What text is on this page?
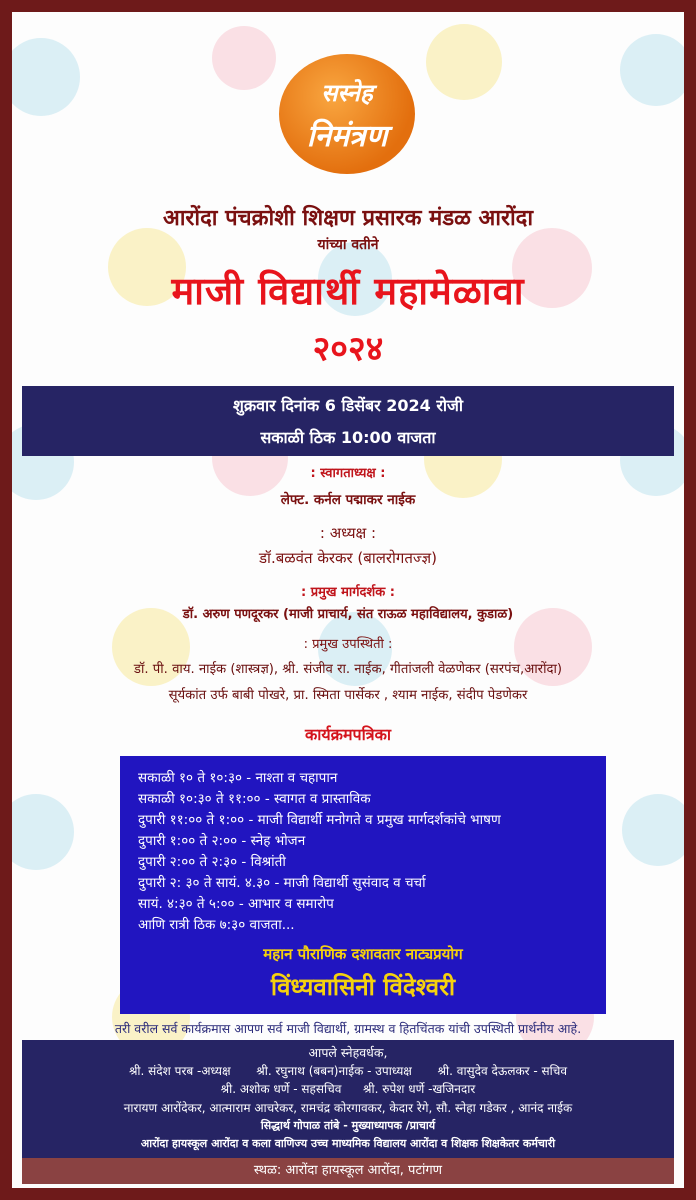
सस्नेह
निमंत्रण
आरोंदा पंचक्रोशी शिक्षण प्रसारक मंडळ आरोंदा
यांच्या वतीने
माजी विद्यार्थी महामेळावा
२०२४
शुक्रवार दिनांक 6 डिसेंबर 2024 रोजी
सकाळी ठिक 10:00 वाजता
: स्वागताध्यक्ष :
लेफ्ट. कर्नल पद्माकर नाईक
: अध्यक्ष :
डॉ.बळवंत केरकर (बालरोगतज्ज्ञ)
: प्रमुख मार्गदर्शक :
डॉ. अरुण पणदूरकर (माजी प्राचार्य, संत राऊळ महाविद्यालय, कुडाळ)
: प्रमुख उपस्थिती :
डॉ. पी. वाय. नाईक (शास्त्रज्ञ), श्री. संजीव रा. नाईक, गीतांजली वेळणेकर (सरपंच,आरोंदा)
सूर्यकांत उर्फ बाबी पोखरे, प्रा. स्मिता पार्सेकर , श्याम नाईक, संदीप पेडणेकर
कार्यक्रमपत्रिका
सकाळी १० ते १०:३० - नाश्ता व चहापान
सकाळी १०:३० ते ११:०० - स्वागत व प्रास्ताविक
दुपारी ११:०० ते १:०० - माजी विद्यार्थी मनोगते व प्रमुख मार्गदर्शकांचे भाषण
दुपारी १:०० ते २:०० - स्नेह भोजन
दुपारी २:०० ते २:३० - विश्रांती
दुपारी २: ३० ते सायं. ४.३० - माजी विद्यार्थी सुसंवाद व चर्चा
सायं. ४:३० ते ५:०० - आभार व समारोप
आणि रात्री ठिक ७:३० वाजता...
महान पौराणिक दशावतार नाट्यप्रयोग
विंध्यवासिनी विंदेश्वरी
तरी वरील सर्व कार्यक्रमास आपण सर्व माजी विद्यार्थी, ग्रामस्थ व हितचिंतक यांची उपस्थिती प्रार्थनीय आहे.
आपले स्नेहवर्धक,
श्री. संदेश परब -अध्यक्ष श्री. रघुनाथ (बबन)नाईक - उपाध्यक्ष श्री. वासुदेव देऊलकर - सचिव
श्री. अशोक धर्णे - सहसचिव श्री. रुपेश धर्णे -खजिनदार
नारायण आरोंदेकर, आत्माराम आचरेकर, रामचंद्र कोरगावकर, केदार रेगे, सौ. स्नेहा गडेकर , आनंद नाईक
सिद्धार्थ गोपाळ तांबे - मुख्याध्यापक /प्राचार्य
आरोंदा हायस्कूल आरोंदा व कला वाणिज्य उच्च माध्यमिक विद्यालय आरोंदा व शिक्षक शिक्षकेतर कर्मचारी
स्थळ: आरोंदा हायस्कूल आरोंदा, पटांगण
